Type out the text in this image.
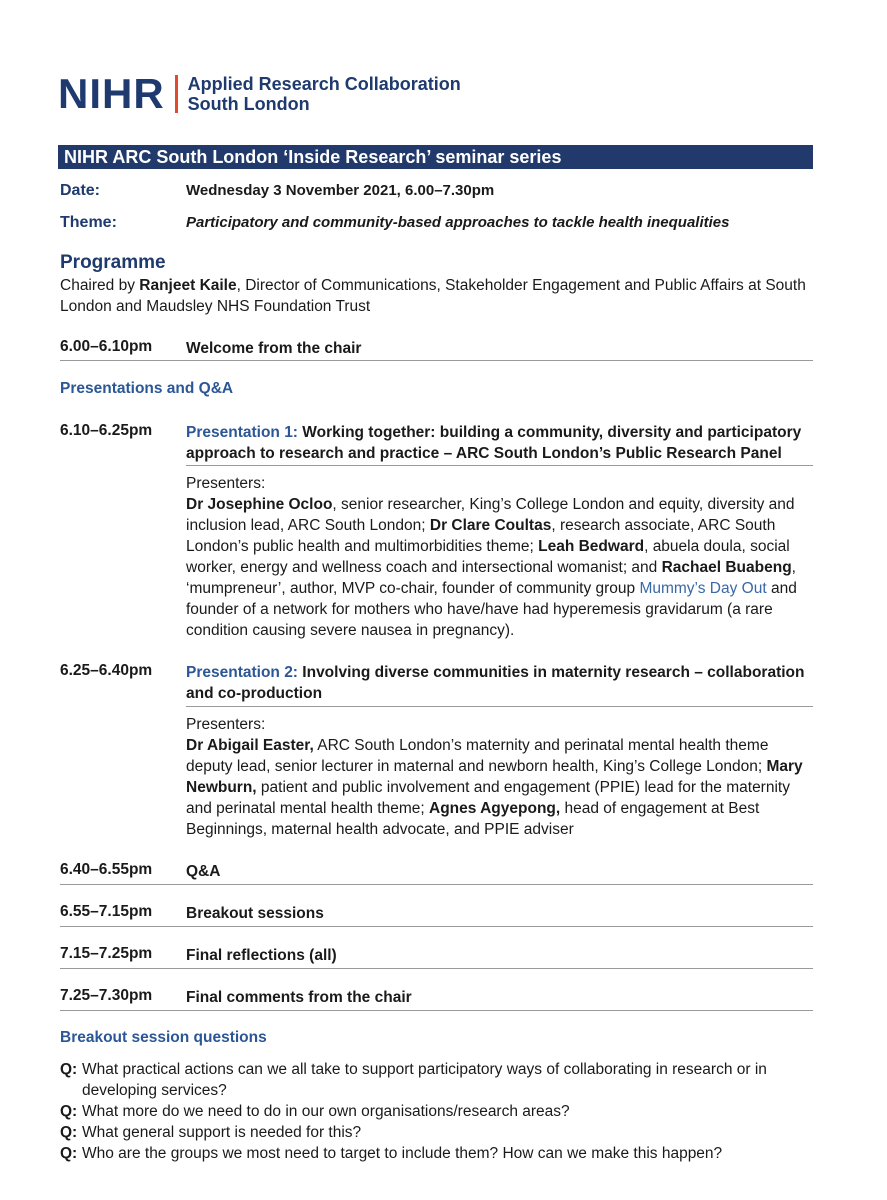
NIHR Applied Research Collaboration
South London
NIHR ARC South London ‘Inside Research’ seminar series
Date:	Wednesday 3 November 2021, 6.00–7.30pm
Theme:	Participatory and community-based approaches to tackle health inequalities
Programme
Chaired by Ranjeet Kaile, Director of Communications, Stakeholder Engagement and Public Affairs at South London and Maudsley NHS Foundation Trust
6.00–6.10pm Welcome from the chair
Presentations and Q&A
6.10–6.25pm Presentation 1: Working together: building a community, diversity and participatory approach to research and practice – ARC South London’s Public Research Panel
Presenters:
Dr Josephine Ocloo, senior researcher, King’s College London and equity, diversity and inclusion lead, ARC South London; Dr Clare Coultas, research associate, ARC South London’s public health and multimorbidities theme; Leah Bedward, abuela doula, social worker, energy and wellness coach and intersectional womanist; and Rachael Buabeng, ‘mumpreneur’, author, MVP co-chair, founder of community group Mummy’s Day Out and founder of a network for mothers who have/have had hyperemesis gravidarum (a rare condition causing severe nausea in pregnancy).
6.25–6.40pm Presentation 2: Involving diverse communities in maternity research – collaboration and co-production
Presenters:
Dr Abigail Easter, ARC South London’s maternity and perinatal mental health theme deputy lead, senior lecturer in maternal and newborn health, King’s College London; Mary Newburn, patient and public involvement and engagement (PPIE) lead for the maternity and perinatal mental health theme; Agnes Agyepong, head of engagement at Best Beginnings, maternal health advocate, and PPIE adviser
6.40–6.55pm Q&A
6.55–7.15pm Breakout sessions
7.15–7.25pm Final reflections (all)
7.25–7.30pm Final comments from the chair
Breakout session questions
Q: What practical actions can we all take to support participatory ways of collaborating in research or in developing services?
Q: What more do we need to do in our own organisations/research areas?
Q: What general support is needed for this?
Q: Who are the groups we most need to target to include them? How can we make this happen?
